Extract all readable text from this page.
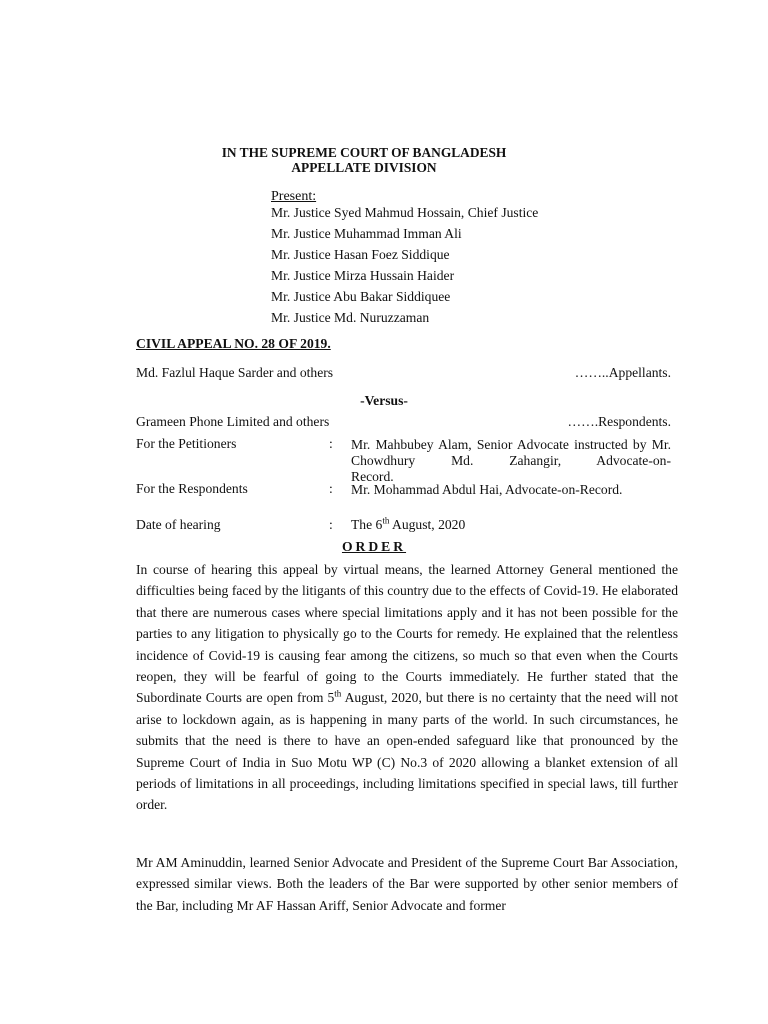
IN THE SUPREME COURT OF BANGLADESH
APPELLATE DIVISION
Present:
Mr. Justice Syed Mahmud Hossain, Chief Justice
Mr. Justice Muhammad Imman Ali
Mr. Justice Hasan Foez Siddique
Mr. Justice Mirza Hussain Haider
Mr. Justice Abu Bakar Siddiquee
Mr. Justice Md. Nuruzzaman
CIVIL APPEAL NO. 28 OF 2019.
Md. Fazlul Haque Sarder and others	……..Appellants.
-Versus-
Grameen Phone Limited and others	…….Respondents.
For the Petitioners	: Mr. Mahbubey Alam, Senior Advocate instructed by Mr. Chowdhury Md. Zahangir, Advocate-on-
Record.
For the Respondents	: Mr. Mohammad Abdul Hai, Advocate-on-Record.
Date of hearing	: The 6th August, 2020
ORDER

In course of hearing this appeal by virtual means, the learned Attorney General mentioned the difficulties being faced by the litigants of this country due to the effects of Covid-19. He elaborated that there are numerous cases where special limitations apply and it has not been possible for the parties to any litigation to physically go to the Courts for remedy. He explained that the relentless incidence of Covid-19 is causing fear among the citizens, so much so that even when the Courts reopen, they will be fearful of going to the Courts immediately. He further stated that the Subordinate Courts are open from 5th August, 2020, but there is no certainty that the need will not arise to lockdown again, as is happening in many parts of the world. In such circumstances, he submits that the need is there to have an open-ended safeguard like that pronounced by the Supreme Court of India in Suo Motu WP (C) No.3 of 2020 allowing a blanket extension of all periods of limitations in all proceedings, including limitations specified in special laws, till further order.

Mr AM Aminuddin, learned Senior Advocate and President of the Supreme Court Bar Association, expressed similar views. Both the leaders of the Bar were supported by other senior members of the Bar, including Mr AF Hassan Ariff, Senior Advocate and former
